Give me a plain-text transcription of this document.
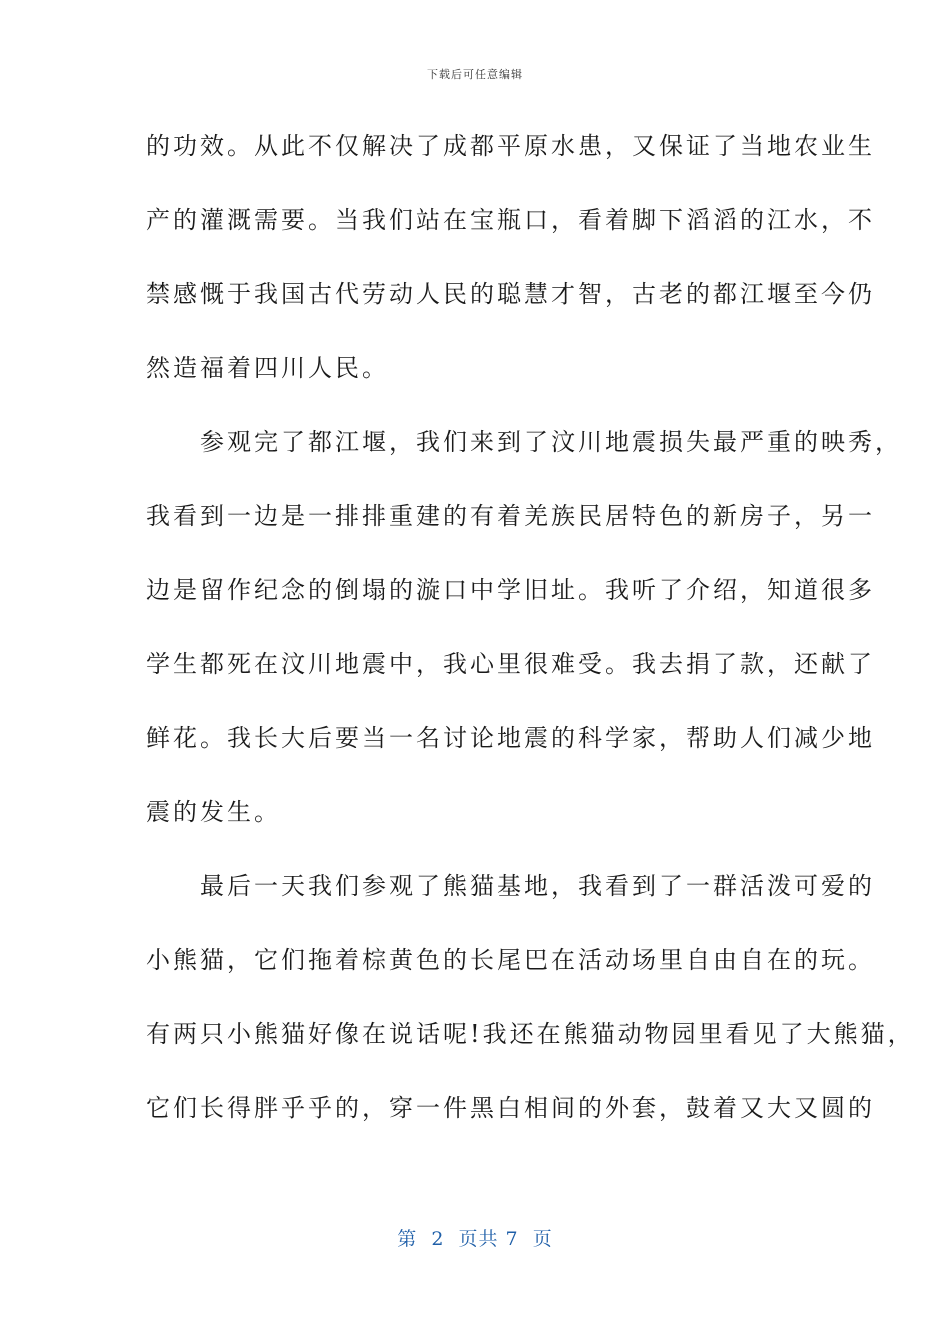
下载后可任意编辑
的功效。从此不仅解决了成都平原水患，又保证了当地农业生
产的灌溉需要。当我们站在宝瓶口，看着脚下滔滔的江水，不
禁感慨于我国古代劳动人民的聪慧才智，古老的都江堰至今仍
然造福着四川人民。
　　参观完了都江堰，我们来到了汶川地震损失最严重的映秀，
我看到一边是一排排重建的有着羌族民居特色的新房子，另一
边是留作纪念的倒塌的漩口中学旧址。我听了介绍，知道很多
学生都死在汶川地震中，我心里很难受。我去捐了款，还献了
鲜花。我长大后要当一名讨论地震的科学家，帮助人们减少地
震的发生。
　　最后一天我们参观了熊猫基地，我看到了一群活泼可爱的
小熊猫，它们拖着棕黄色的长尾巴在活动场里自由自在的玩。
有两只小熊猫好像在说话呢!我还在熊猫动物园里看见了大熊猫，
它们长得胖乎乎的，穿一件黑白相间的外套，鼓着又大又圆的
第  2  页共 7  页
